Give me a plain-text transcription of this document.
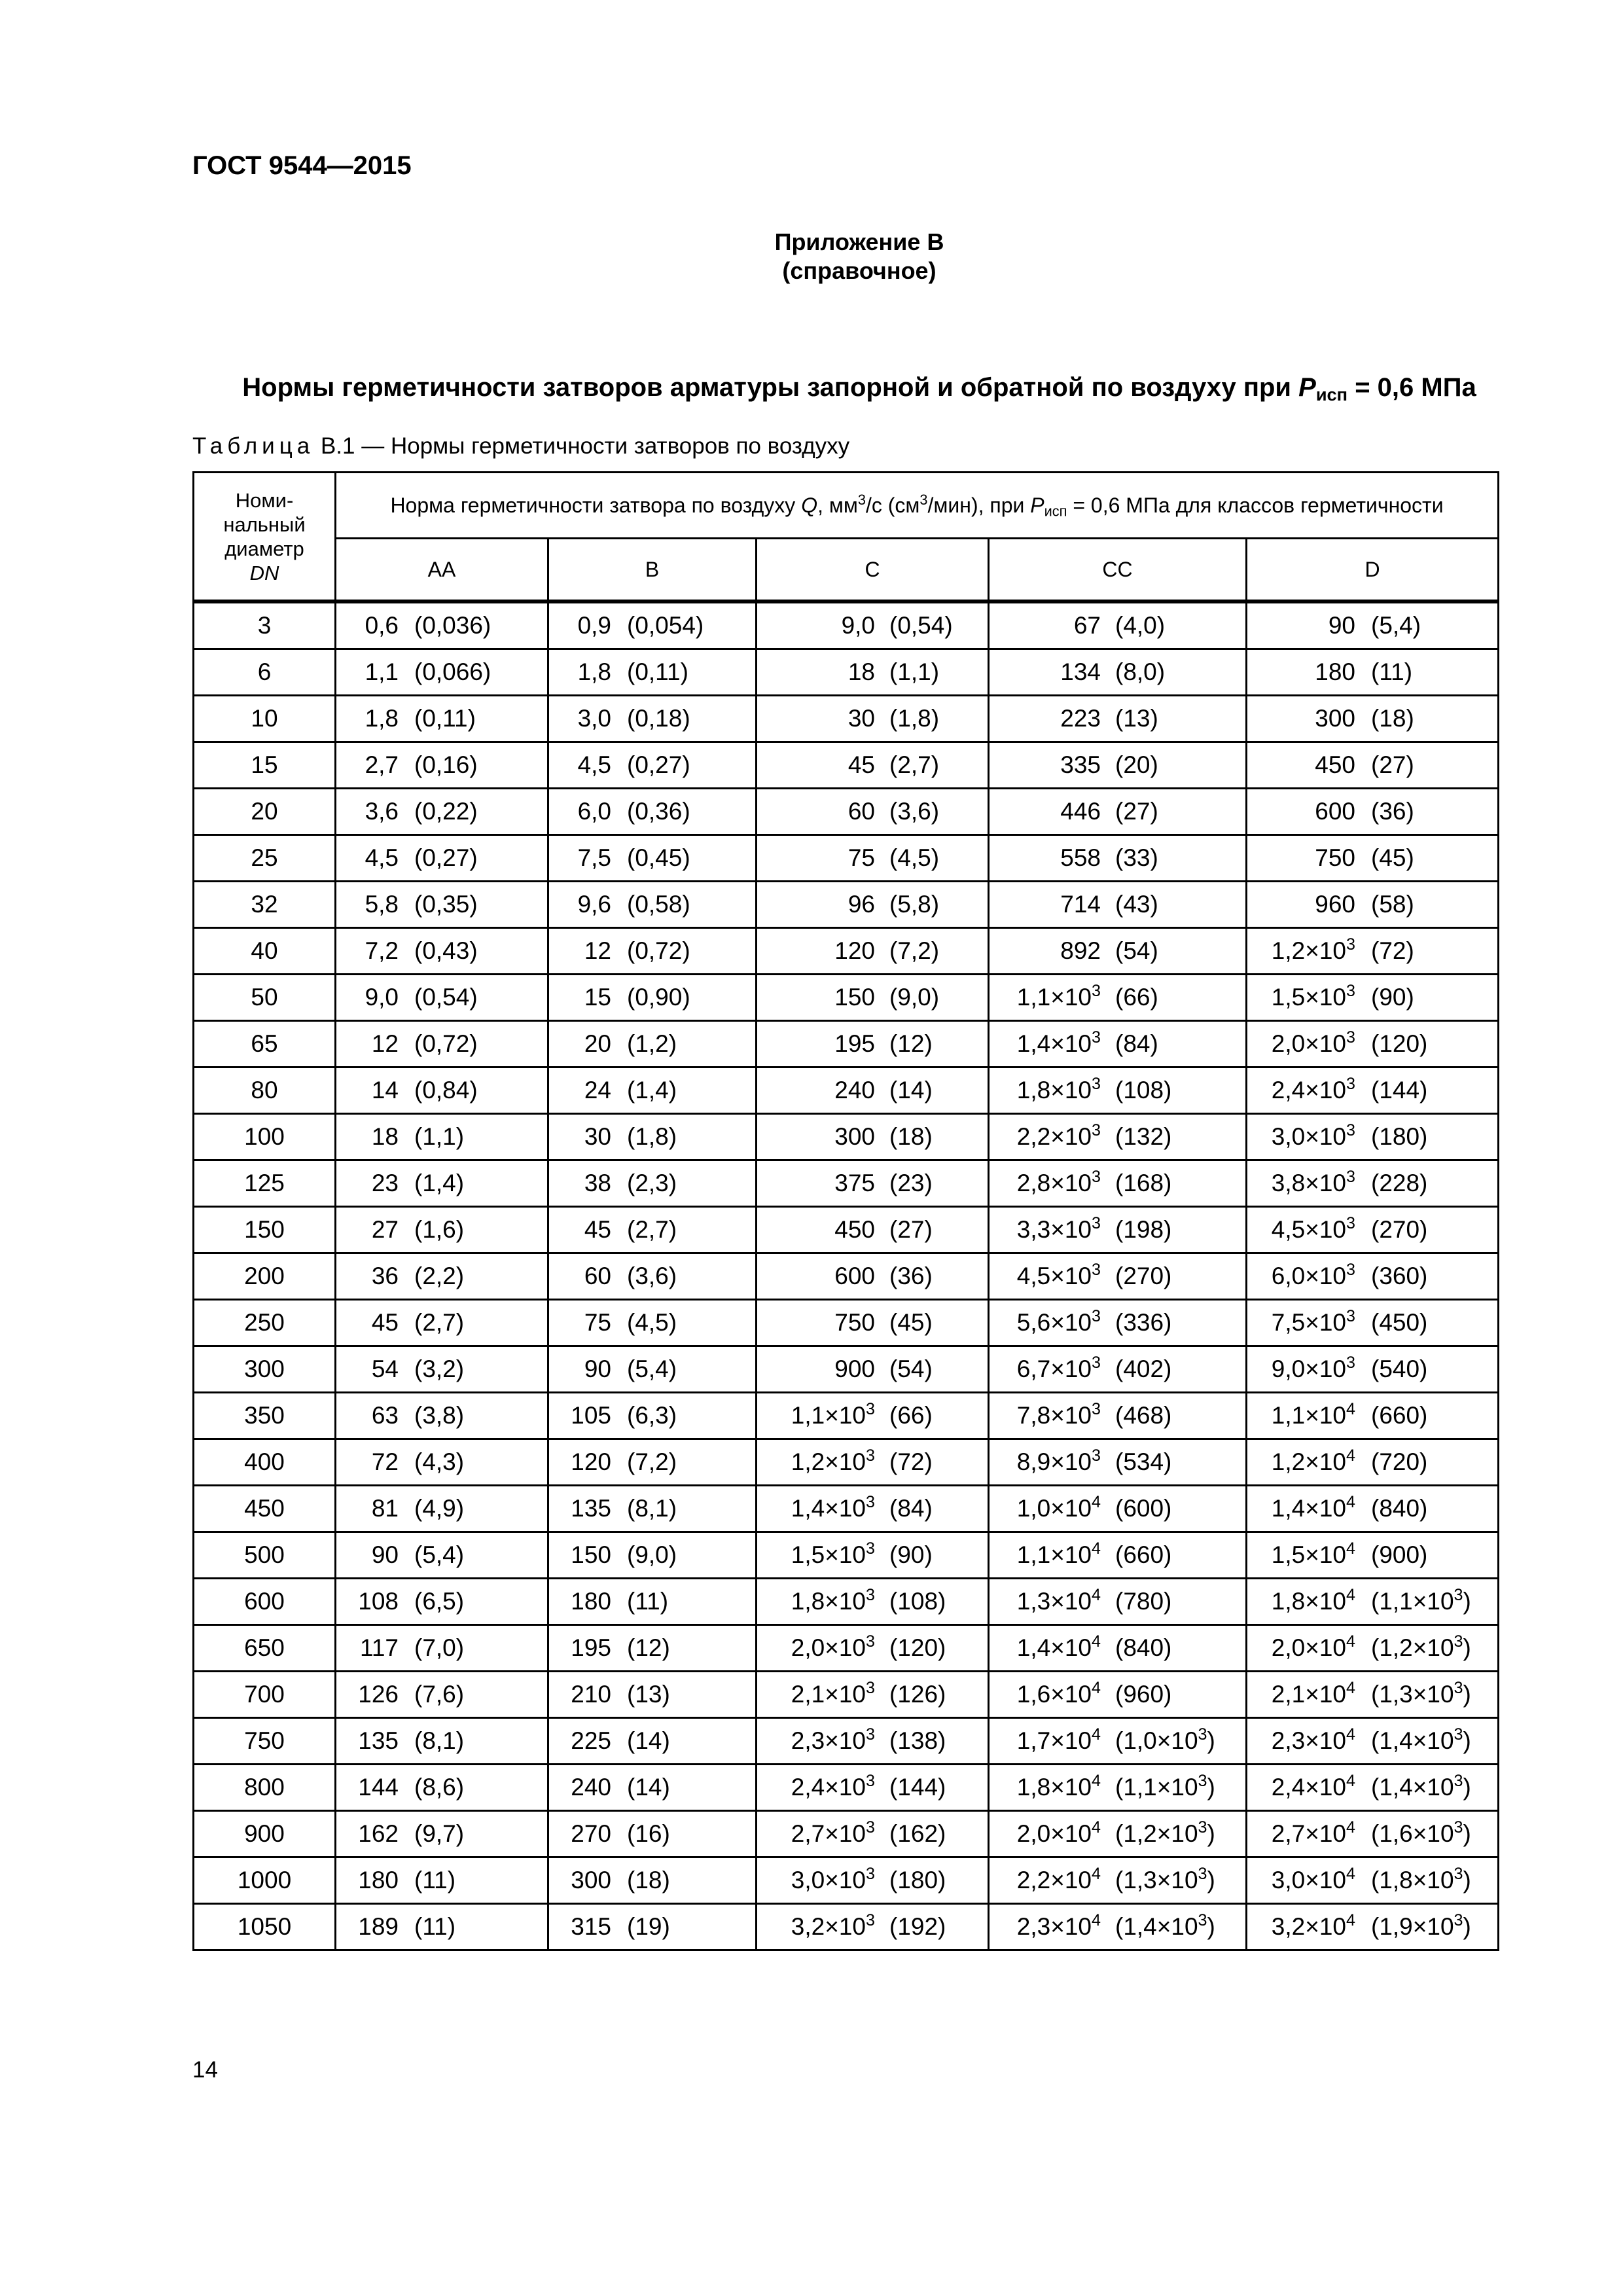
ГОСТ 9544—2015
Приложение В
(справочное)
Нормы герметичности затворов арматуры запорной и обратной по воздуху при $P_{исп} = 0,6$ МПа
Таблица В.1 — Нормы герметичности затворов по воздуху
Номи-
нальный
диаметр
DN	Норма герметичности затвора по воздуху Q, $мм^3/с$ $(см^3/мин)$, при $P_{исп} = 0,6$ МПа для классов герметичности				
	АА	В	С	СС	D
3	0,6 (0,036)	0,9 (0,054)	9,0 (0,54)	67 (4,0)	90 (5,4)

6	1,1 (0,066)	1,8 (0,11)	18 (1,1)	134 (8,0)	180 (11)

10	1,8 (0,11)	3,0 (0,18)	30 (1,8)	223 (13)	300 (18)

15	2,7 (0,16)	4,5 (0,27)	45 (2,7)	335 (20)	450 (27)

20	3,6 (0,22)	6,0 (0,36)	60 (3,6)	446 (27)	600 (36)

25	4,5 (0,27)	7,5 (0,45)	75 (4,5)	558 (33)	750 (45)

32	5,8 (0,35)	9,6 (0,58)	96 (5,8)	714 (43)	960 (58)

40	7,2 (0,43)	12 (0,72)	120 (7,2)	892 (54)	$1,2\times 10^3$ (72)

50	9,0 (0,54)	15 (0,90)	150 (9,0)	$1,1\times 10^3$ (66)	$1,5\times 10^3$ (90)

65	12 (0,72)	20 (1,2)	195 (12)	$1,4\times 10^3$ (84)	$2,0\times 10^3$ (120)

80	14 (0,84)	24 (1,4)	240 (14)	$1,8\times 10^3$ (108)	$2,4\times 10^3$ (144)

100	18 (1,1)	30 (1,8)	300 (18)	$2,2\times 10^3$ (132)	$3,0\times 10^3$ (180)

125	23 (1,4)	38 (2,3)	375 (23)	$2,8\times 10^3$ (168)	$3,8\times 10^3$ (228)

150	27 (1,6)	45 (2,7)	450 (27)	$3,3\times 10^3$ (198)	$4,5\times 10^3$ (270)

200	36 (2,2)	60 (3,6)	600 (36)	$4,5\times 10^3$ (270)	$6,0\times 10^3$ (360)

250	45 (2,7)	75 (4,5)	750 (45)	$5,6\times 10^3$ (336)	$7,5\times 10^3$ (450)

300	54 (3,2)	90 (5,4)	900 (54)	$6,7\times 10^3$ (402)	$9,0\times 10^3$ (540)

350	63 (3,8)	105 (6,3)	$1,1\times 10^3$ (66)	$7,8\times 10^3$ (468)	$1,1\times 10^4$ (660)

400	72 (4,3)	120 (7,2)	$1,2\times 10^3$ (72)	$8,9\times 10^3$ (534)	$1,2\times 10^4$ (720)

450	81 (4,9)	135 (8,1)	$1,4\times 10^3$ (84)	$1,0\times 10^4$ (600)	$1,4\times 10^4$ (840)

500	90 (5,4)	150 (9,0)	$1,5\times 10^3$ (90)	$1,1\times 10^4$ (660)	$1,5\times 10^4$ (900)

600	108 (6,5)	180 (11)	$1,8\times 10^3$ (108)	$1,3\times 10^4$ (780)	$1,8\times 10^4$ $(1,1\times 10^3)$

650	117 (7,0)	195 (12)	$2,0\times 10^3$ (120)	$1,4\times 10^4$ (840)	$2,0\times 10^4$ $(1,2\times 10^3)$

700	126 (7,6)	210 (13)	$2,1\times 10^3$ (126)	$1,6\times 10^4$ (960)	$2,1\times 10^4$ $(1,3\times 10^3)$

750	135 (8,1)	225 (14)	$2,3\times 10^3$ (138)	$1,7\times 10^4$ $(1,0\times 10^3)$	$2,3\times 10^4$ $(1,4\times 10^3)$

800	144 (8,6)	240 (14)	$2,4\times 10^3$ (144)	$1,8\times 10^4$ $(1,1\times 10^3)$	$2,4\times 10^4$ $(1,4\times 10^3)$

900	162 (9,7)	270 (16)	$2,7\times 10^3$ (162)	$2,0\times 10^4$ $(1,2\times 10^3)$	$2,7\times 10^4$ $(1,6\times 10^3)$

1000	180 (11)	300 (18)	$3,0\times 10^3$ (180)	$2,2\times 10^4$ $(1,3\times 10^3)$	$3,0\times 10^4$ $(1,8\times 10^3)$

1050	189 (11)	315 (19)	$3,2\times 10^3$ (192)	$2,3\times 10^4$ $(1,4\times 10^3)$	$3,2\times 10^4$ $(1,9\times 10^3)$
14
